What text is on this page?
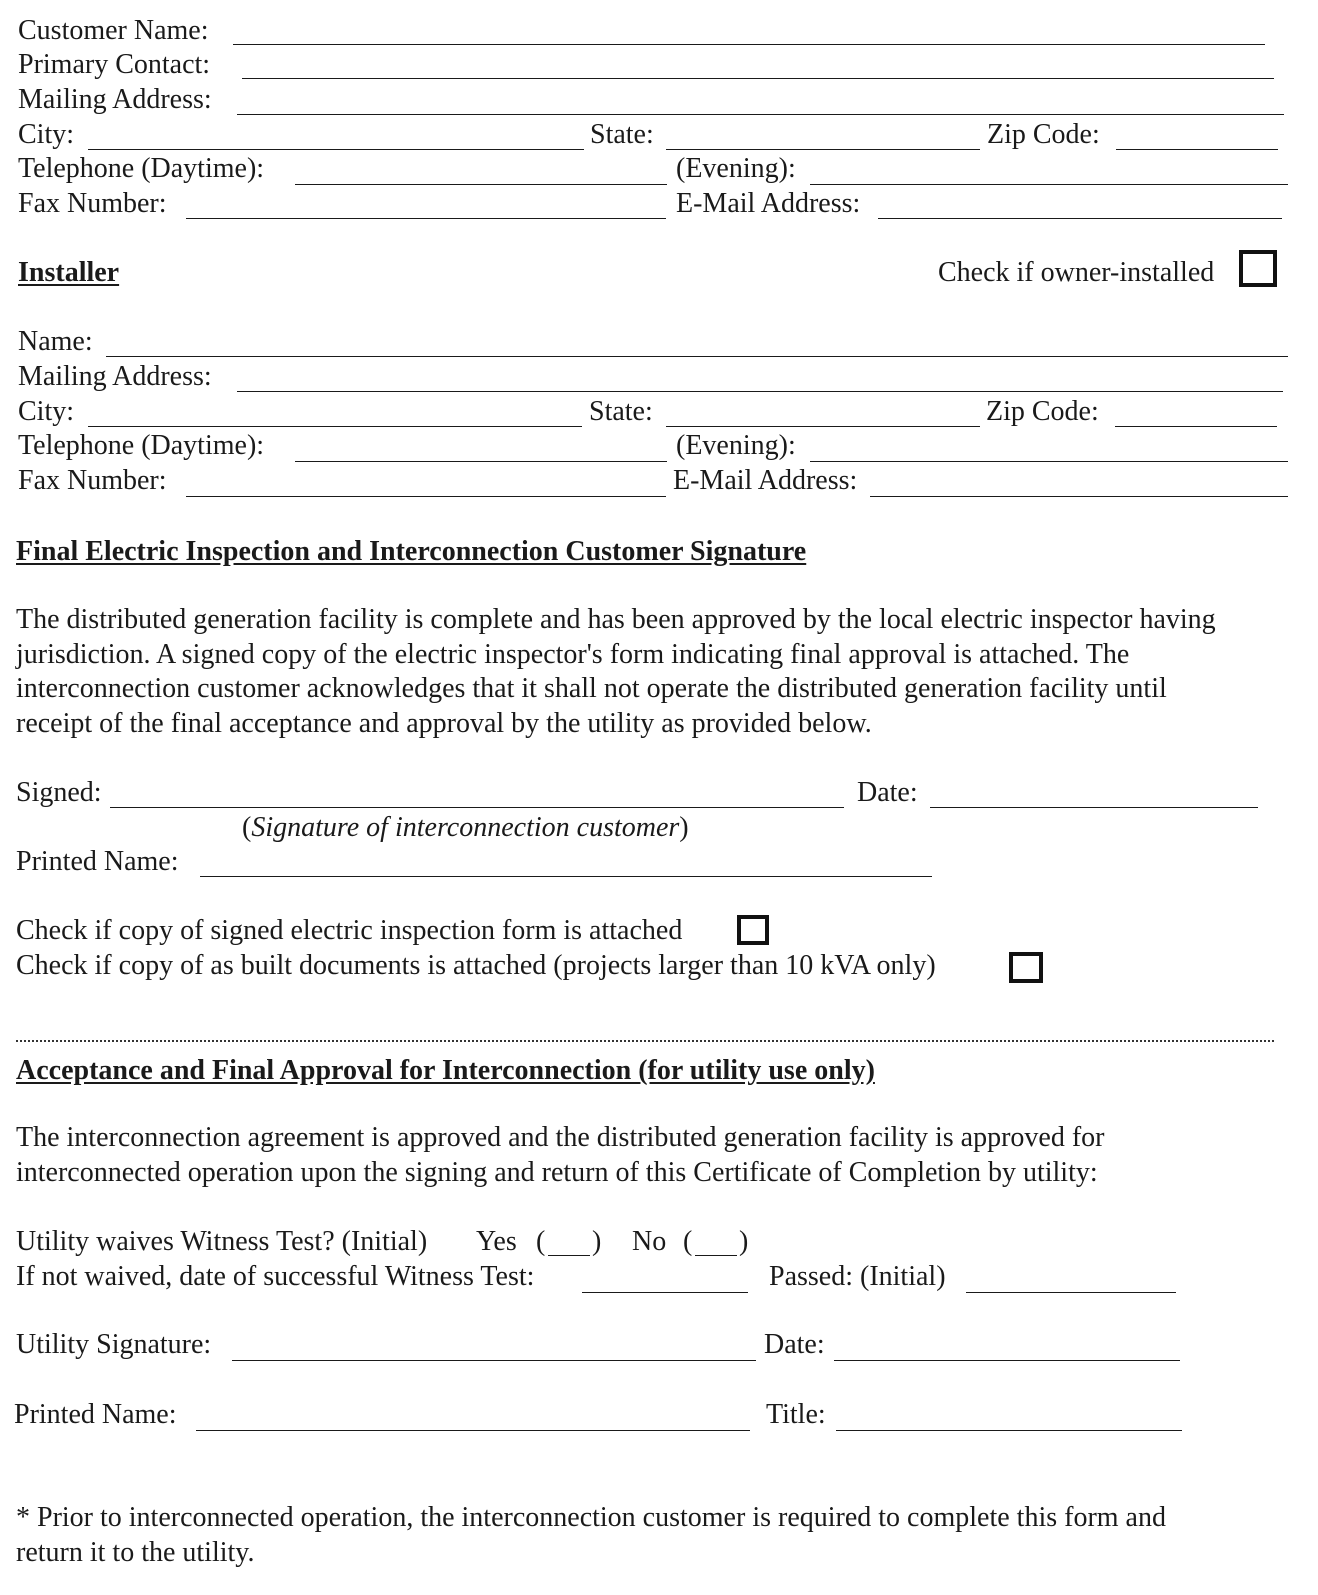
Customer Name:
Primary Contact:
Mailing Address:
City:	State:	Zip Code:
Telephone (Daytime):	(Evening):
Fax Number:	E-Mail Address:
Installer	Check if owner-installed
Name:
Mailing Address:
City:	State:	Zip Code:
Telephone (Daytime):	(Evening):
Fax Number:	E-Mail Address:
Final Electric Inspection and Interconnection Customer Signature
The distributed generation facility is complete and has been approved by the local electric inspector having
jurisdiction. A signed copy of the electric inspector's form indicating final approval is attached. The
interconnection customer acknowledges that it shall not operate the distributed generation facility until
receipt of the final acceptance and approval by the utility as provided below.
Signed:	Date:
(Signature of interconnection customer)
Printed Name:
Check if copy of signed electric inspection form is attached
Check if copy of as built documents is attached (projects larger than 10 kVA only)
Acceptance and Final Approval for Interconnection (for utility use only)
The interconnection agreement is approved and the distributed generation facility is approved for
interconnected operation upon the signing and return of this Certificate of Completion by utility:
Utility waives Witness Test? (Initial) Yes ( ) No ( )
If not waived, date of successful Witness Test:	Passed: (Initial)
Utility Signature:	Date:
Printed Name:	Title:
* Prior to interconnected operation, the interconnection customer is required to complete this form and
return it to the utility.
